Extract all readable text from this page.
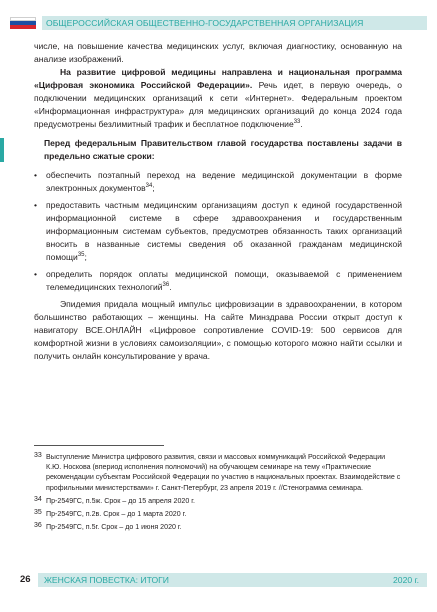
ОБЩЕРОССИЙСКАЯ ОБЩЕСТВЕННО-ГОСУДАРСТВЕННАЯ ОРГАНИЗАЦИЯ

числе, на повышение качества медицинских услуг, включая диагностику, основанную на анализе изображений.

На развитие цифровой медицины направлена и национальная программа «Цифровая экономика Российской Федерации». Речь идет, в первую очередь, о подключении медицинских организаций к сети «Интернет». Федеральным проектом «Информационная инфраструктура» для медицинских организаций до конца 2024 года предусмотрены безлимитный трафик и бесплатное подключение$^{33}$.

Перед федеральным Правительством главой государства поставлены задачи в предельно сжатые сроки:
• обеспечить поэтапный переход на ведение медицинской документации в форме электронных документов$^{34}$;
• предоставить частным медицинским организациям доступ к единой государственной информационной системе в сфере здравоохранения и государственным информационным системам субъектов, предусмотрев обязанность таких организаций вносить в названные системы сведения об оказанной гражданам медицинской помощи$^{35}$;
• определить порядок оплаты медицинской помощи, оказываемой с применением телемедицинских технологий$^{36}$.

Эпидемия придала мощный импульс цифровизации в здравоохранении, в котором большинство работающих – женщины. На сайте Минздрава России открыт доступ к навигатору ВСЕ.ОНЛАЙН «Цифровое сопротивление COVID-19: 500 сервисов для комфортной жизни в условиях самоизоляции», с помощью которого можно найти ссылки и получить онлайн консультирование у врача.

33 Выступление Министра цифрового развития, связи и массовых коммуникаций Российской Федерации К.Ю. Носкова (впериод исполнения полномочий) на обучающем семинаре на тему «Практические рекомендации субъектам Российской Федерации по участию в национальных проектах. Взаимодействие с профильными министерствами» г. Санкт-Петербург, 23 апреля 2019 г. //Стенограмма семинара.
34 Пр-2549ГС, п.5ж. Срок – до 15 апреля 2020 г.
35 Пр-2549ГС, п.2в. Срок – до 1 марта 2020 г.
36 Пр-2549ГС, п.5г. Срок – до 1 июня 2020 г.
26 ЖЕНСКАЯ ПОВЕСТКА: ИТОГИ	2020 г.
